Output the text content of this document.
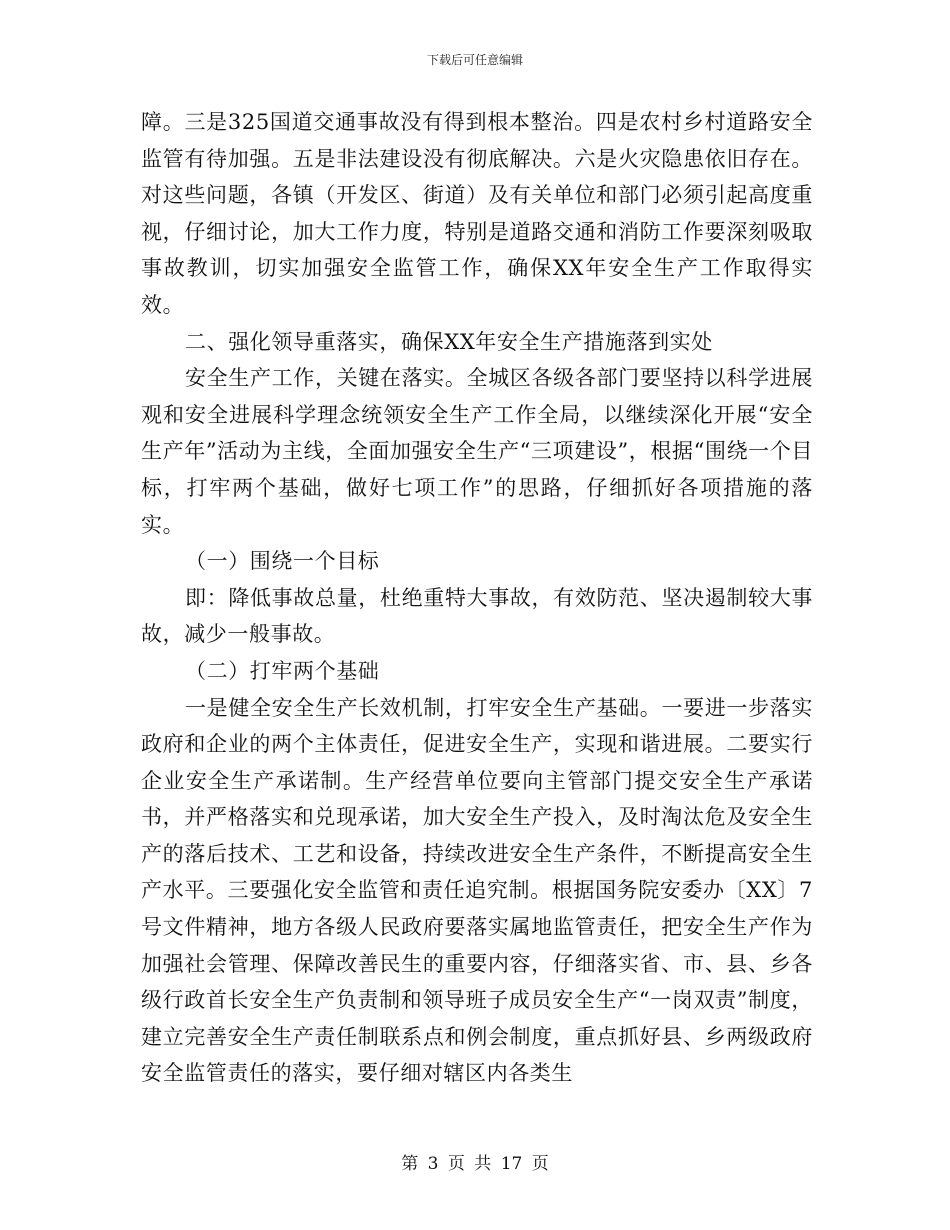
下载后可任意编辑

障。三是325国道交通事故没有得到根本整治。四是农村乡村道路安全监管有待加强。五是非法建设没有彻底解决。六是火灾隐患依旧存在。对这些问题，各镇（开发区、街道）及有关单位和部门必须引起高度重视，仔细讨论，加大工作力度，特别是道路交通和消防工作要深刻吸取事故教训，切实加强安全监管工作，确保XX年安全生产工作取得实效。

二、强化领导重落实，确保XX年安全生产措施落到实处

安全生产工作，关键在落实。全城区各级各部门要坚持以科学进展观和安全进展科学理念统领安全生产工作全局，以继续深化开展“安全生产年”活动为主线，全面加强安全生产“三项建设”，根据“围绕一个目标，打牢两个基础，做好七项工作”的思路，仔细抓好各项措施的落实。

（一）围绕一个目标

即：降低事故总量，杜绝重特大事故，有效防范、坚决遏制较大事故，减少一般事故。

（二）打牢两个基础

一是健全安全生产长效机制，打牢安全生产基础。一要进一步落实政府和企业的两个主体责任，促进安全生产，实现和谐进展。二要实行企业安全生产承诺制。生产经营单位要向主管部门提交安全生产承诺书，并严格落实和兑现承诺，加大安全生产投入，及时淘汰危及安全生产的落后技术、工艺和设备，持续改进安全生产条件，不断提高安全生产水平。三要强化安全监管和责任追究制。根据国务院安委办〔XX〕7号文件精神，地方各级人民政府要落实属地监管责任，把安全生产作为加强社会管理、保障改善民生的重要内容，仔细落实省、市、县、乡各级行政首长安全生产负责制和领导班子成员安全生产“一岗双责”制度，建立完善安全生产责任制联系点和例会制度，重点抓好县、乡两级政府安全监管责任的落实，要仔细对辖区内各类生

第 3 页 共 17 页
